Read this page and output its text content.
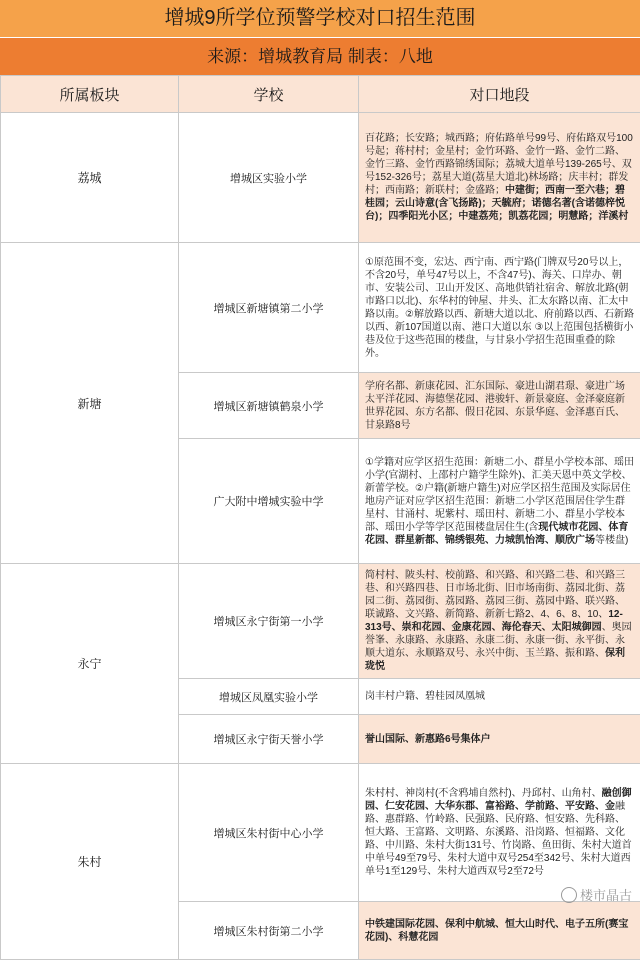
增城9所学位预警学校对口招生范围
来源：增城教育局 制表：八地
所属板块	学校	对口地段
荔城	增城区实验小学	百花路；长安路；城西路；府佑路单号99号、府佑路双号100号起；蒋村村；金星村；金竹环路、金竹一路、金竹二路、金竹三路、金竹西路锦绣国际；荔城大道单号139-265号、双号152-326号；荔星大道(荔星大道北)林场路；庆丰村；群发村；西南路；新联村；金盛路；中建街；西南一至六巷；碧桂园；云山诗意(含飞扬路)；天毓府；诺德名著(含诺德梓悦台)；四季阳光小区；中建荔苑；凯荔花园；明慧路；洋溪村
新塘	增城区新塘镇第二小学	①原范围不变，宏达、西宁南、西宁路(门牌双号20号以上，不含20号，单号47号以上，不含47号)、海关、口岸办、朝市、安装公司、卫山开发区、高地供销社宿舍、解放北路(朝市路口以北)、东华村的钟屋、井头、汇太东路以南、汇太中路以南。②解放路以西、新塘大道以北、府前路以西、石新路以西、新107国道以南、港口大道以东 ③以上范围包括横街小巷及位于这些范围的楼盘，与甘泉小学招生范围重叠的除外。
	增城区新塘镇鹤泉小学	学府名都、新康花园、汇东国际、豪进山湖君璟、豪进广场太平洋花园、海德堡花园、港骏轩、新景豪庭、金泽豪庭新世界花园、东方名都、假日花园、东景华庭、金泽惠百氏、甘泉路8号
	广大附中增城实验中学	①学籍对应学区招生范围：新塘二小、群星小学校本部、瑶田小学(官湖村、上邵村户籍学生除外)、汇美天恩中英文学校、新蕾学校。②户籍(新塘户籍生)对应学区招生范围及实际居住地房产证对应学区招生范围：新塘二小学区范围居住学生群星村、甘涌村、坭紫村、瑶田村、新塘二小、群星小学校本部、瑶田小学等学区范围楼盘居住生(含现代城市花园、体育花园、群星新都、锦绣银苑、力城凯怡湾、顺欣广场等楼盘)
永宁	增城区永宁街第一小学	简村村、陂头村、校前路、和兴路、和兴路二巷、和兴路三巷、和兴路四巷、日市场北街、旧市场南街、荔园北街、荔园二街、荔园街、荔园路、荔园三街、荔园中路、联兴路、联诚路、文兴路、新简路、新新七路2、4、6、8、10、12-313号、崇和花园、金康花园、海伦春天、太阳城御园、奥园誉峯、永康路、永康路、永康二街、永康一街、永平街、永顺大道东、永顺路双号、永兴中街、玉兰路、振和路、保利珑悦
	增城区凤凰实验小学	岗丰村户籍、碧桂园凤凰城
	增城区永宁街天誉小学	誉山国际、新惠路6号集体户
朱村	增城区朱村街中心小学	朱村村、神岗村(不含鸦埔自然村)、丹邱村、山角村、融创御园、仁安花园、大华东郡、富裕路、学前路、平安路、金融路、惠群路、竹岭路、民强路、民府路、恒安路、先科路、恒大路、王富路、文明路、东溪路、沿岗路、恒福路、文化路、中川路、朱村大街131号、竹岗路、鱼田街、朱村大道首中单号49至79号、朱村大道中双号254至342号、朱村大道西单号1至129号、朱村大道西双号2至72号
	增城区朱村街第二小学	中铁建国际花园、保利中航城、恒大山时代、电子五所(赛宝花园)、科慧花园
楼市晶古
